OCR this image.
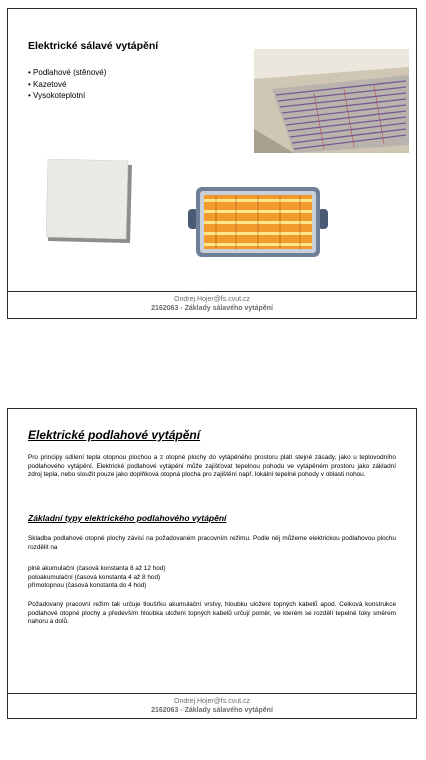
Elektrické sálavé vytápění
• Podlahové (stěnové)
• Kazetové
• Vysokoteplotní
Ondrej.Hojer@fs.cvut.cz
2162063 - Základy sálavého vytápění
Elektrické podlahové vytápění

Pro principy sdílení tepla otopnou plochou a z otopné plochy do vytápěného prostoru platí stejné zásady, jako u teplovodního podlahového vytápění. Elektrické podlahové vytápění může zajišťovat tepelnou pohodu ve vytápěném prostoru jako základní zdroj tepla, nebo sloužit pouze jako doplňková otopná plocha pro zajištění např. lokální tepelné pohody v oblasti nohou.

Základní typy elektrického podlahového vytápění

Skladba podlahové otopné plochy závisí na požadovaném pracovním režimu. Podle něj můžeme elektrickou podlahovou plochu rozdělit na

plně akumulační (časová konstanta 8 až 12 hod)
poloakumulační (časová konstanta 4 až 8 hod)
přímotopnou (časová konstanta do 4 hod)

Požadovaný pracovní režim tak určuje tloušťku akumulační vrstvy, hloubku uložení topných kabelů apod. Celková konstrukce podlahové otopné plochy a především hloubka uložení topných kabelů určují poměr, ve kterém se rozdělí tepelné toky směrem nahoru a dolů.

Ondrej.Hojer@fs.cvut.cz
2162063 - Základy sálavého vytápění
